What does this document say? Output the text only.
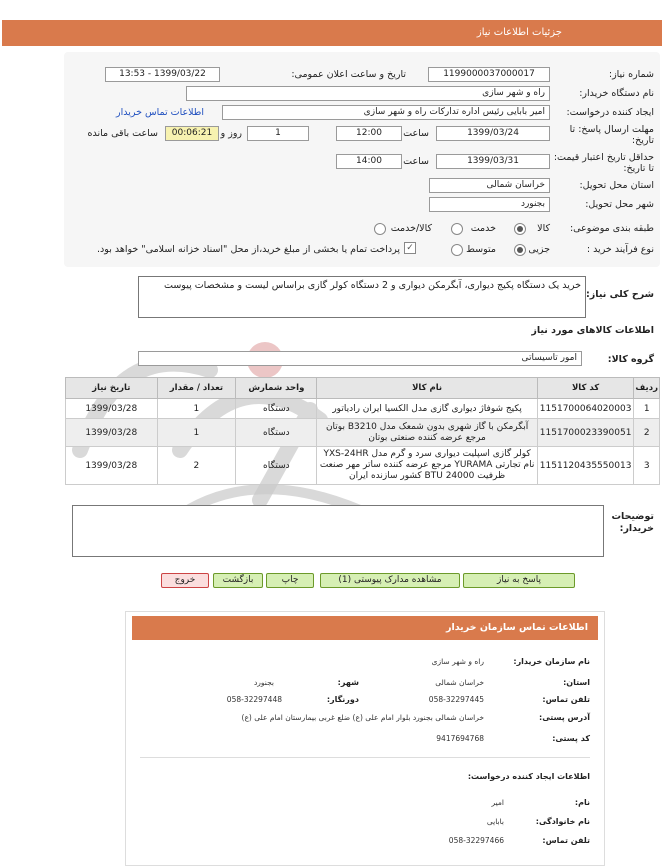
جزئیات اطلاعات نیاز
شماره نیاز:
1199000037000017
تاریخ و ساعت اعلان عمومی:
1399/03/22 - 13:53
نام دستگاه خریدار:
راه و شهر سازی
ایجاد کننده درخواست:
امیر بابایی رئیس اداره تدارکات راه و شهر سازی
اطلاعات تماس خریدار
مهلت ارسال پاسخ: تا تاریخ:
1399/03/24
ساعت
12:00
1
روز و
00:06:21
ساعت باقی مانده
حداقل تاریخ اعتبار قیمت: تا تاریخ:
1399/03/31
ساعت
14:00
استان محل تحویل:
خراسان شمالی
شهر محل تحویل:
بجنورد
طبقه بندی موضوعی:
کالا
خدمت
کالا/خدمت
نوع فرآیند خرید :
جزیی
متوسط
✓
پرداخت تمام یا بخشی از مبلغ خرید،از محل "اسناد خزانه اسلامی" خواهد بود.
شرح کلی نیاز:
خرید یک دستگاه پکیج دیواری، آبگرمکن دیواری و 2 دستگاه کولر گازی براساس لیست و مشخصات پیوست
اطلاعات کالاهای مورد نیاز
گروه کالا:
امور تاسیساتی
ردیف	کد کالا	نام کالا	واحد شمارش	تعداد / مقدار	تاریخ نیاز
1	1151700064020003	پکیج شوفاژ دیواری گازی مدل الکسیا ایران رادیاتور	دستگاه	1	1399/03/28
2	1151700023390051	آبگرمکن با گاز شهری بدون شمعک مدل B3210 بوتان مرجع عرضه کننده صنعتی بوتان	دستگاه	1	1399/03/28
3	1151120435550013	کولر گازی اسپلیت دیواری سرد و گرم مدل YXS-24HR نام تجارتی YURAMA مرجع عرضه کننده ساتر مهر صنعت ظرفیت 24000 BTU کشور سازنده ایران	دستگاه	2	1399/03/28
توضیحات خریدار:
پاسخ به نیاز
مشاهده مدارک پیوستی (1)
چاپ
بازگشت
خروج
اطلاعات تماس سازمان خریدار
نام سازمان خریدار:
راه و شهر سازی
استان:
خراسان شمالی
شهر:
بجنورد
تلفن تماس:
058-32297445
دورنگار:
058-32297448
آدرس پستی:
خراسان شمالی بجنورد بلوار امام علی (ع) ضلع غربی بیمارستان امام علی (ع)
کد پستی:
9417694768
اطلاعات ایجاد کننده درخواست:
نام:
امیر
نام خانوادگی:
بابایی
تلفن تماس:
058-32297466
